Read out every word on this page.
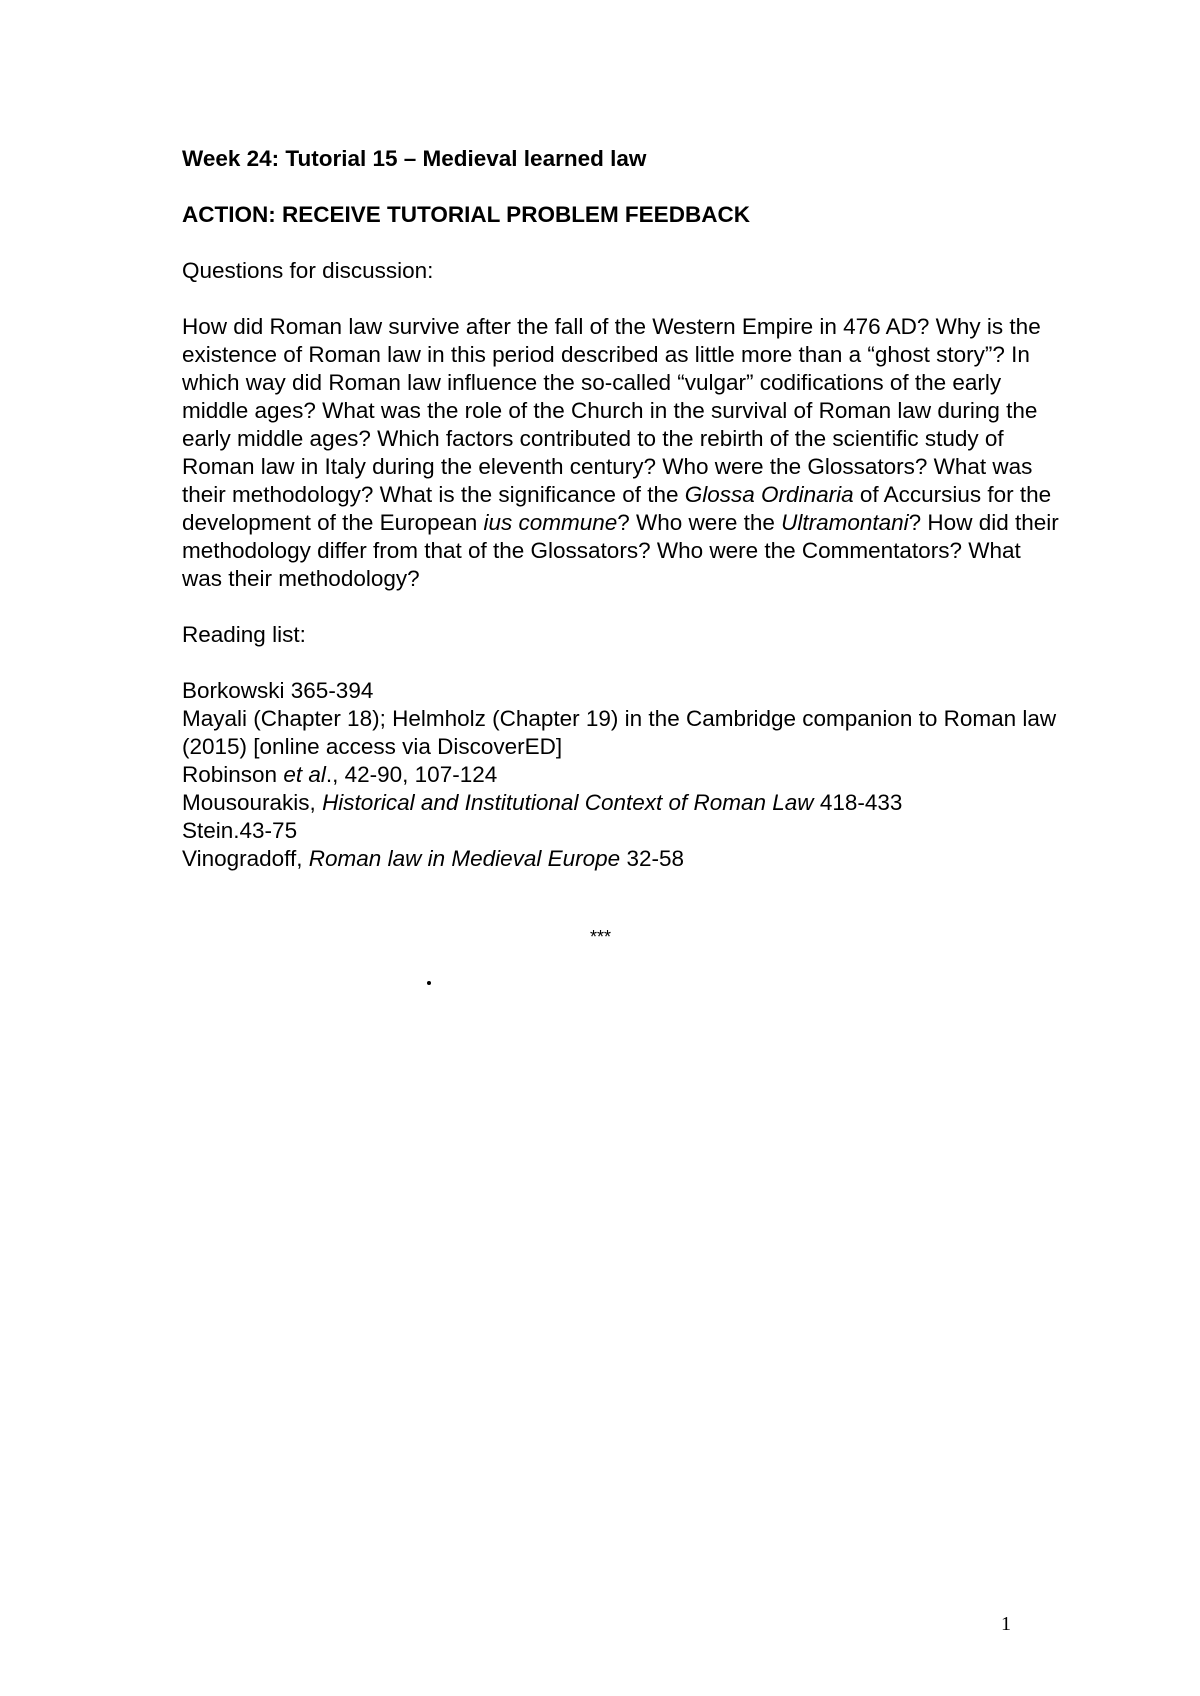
Week 24: Tutorial 15 – Medieval learned law
ACTION: RECEIVE TUTORIAL PROBLEM FEEDBACK
Questions for discussion:
How did Roman law survive after the fall of the Western Empire in 476 AD? Why is the existence of Roman law in this period described as little more than a “ghost story”? In which way did Roman law influence the so-called “vulgar” codifications of the early middle ages? What was the role of the Church in the survival of Roman law during the early middle ages? Which factors contributed to the rebirth of the scientific study of Roman law in Italy during the eleventh century? Who were the Glossators? What was their methodology? What is the significance of the Glossa Ordinaria of Accursius for the development of the European ius commune? Who were the Ultramontani? How did their methodology differ from that of the Glossators? Who were the Commentators? What was their methodology?
Reading list:
Borkowski 365-394
Mayali (Chapter 18); Helmholz (Chapter 19) in the Cambridge companion to Roman law (2015) [online access via DiscoverED]
Robinson et al., 42-90, 107-124
Mousourakis, Historical and Institutional Context of Roman Law 418-433
Stein.43-75
Vinogradoff, Roman law in Medieval Europe 32-58
***
1
